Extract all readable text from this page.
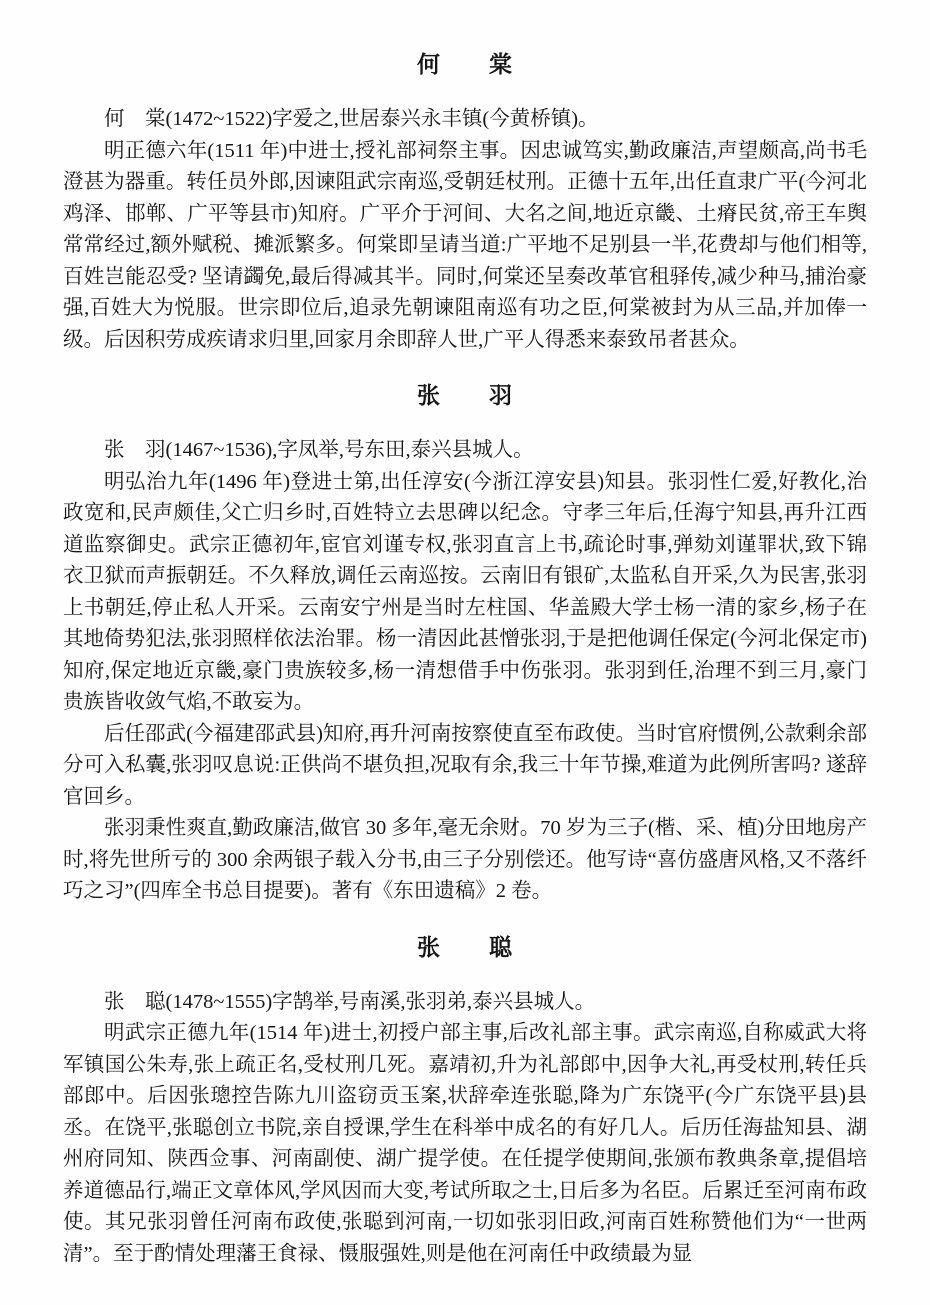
何　　棠

何　棠(1472~1522)字爱之,世居泰兴永丰镇(今黄桥镇)。

明正德六年(1511 年)中进士,授礼部祠祭主事。因忠诚笃实,勤政廉洁,声望颇高,尚书毛澄甚为器重。转任员外郎,因谏阻武宗南巡,受朝廷杖刑。正德十五年,出任直隶广平(今河北鸡泽、邯郸、广平等县市)知府。广平介于河间、大名之间,地近京畿、土瘠民贫,帝王车舆常常经过,额外赋税、摊派繁多。何棠即呈请当道:广平地不足别县一半,花费却与他们相等,百姓岂能忍受? 坚请蠲免,最后得减其半。同时,何棠还呈奏改革官租驿传,减少种马,捕治豪强,百姓大为悦服。世宗即位后,追录先朝谏阻南巡有功之臣,何棠被封为从三品,并加俸一级。后因积劳成疾请求归里,回家月余即辞人世,广平人得悉来泰致吊者甚众。

张　　羽

张　羽(1467~1536),字凤举,号东田,泰兴县城人。

明弘治九年(1496 年)登进士第,出任淳安(今浙江淳安县)知县。张羽性仁爱,好教化,治政宽和,民声颇佳,父亡归乡时,百姓特立去思碑以纪念。守孝三年后,任海宁知县,再升江西道监察御史。武宗正德初年,宦官刘谨专权,张羽直言上书,疏论时事,弹劾刘谨罪状,致下锦衣卫狱而声振朝廷。不久释放,调任云南巡按。云南旧有银矿,太监私自开采,久为民害,张羽上书朝廷,停止私人开采。云南安宁州是当时左柱国、华盖殿大学士杨一清的家乡,杨子在其地倚势犯法,张羽照样依法治罪。杨一清因此甚憎张羽,于是把他调任保定(今河北保定市)知府,保定地近京畿,豪门贵族较多,杨一清想借手中伤张羽。张羽到任,治理不到三月,豪门贵族皆收敛气焰,不敢妄为。

后任邵武(今福建邵武县)知府,再升河南按察使直至布政使。当时官府惯例,公款剩余部分可入私囊,张羽叹息说:正供尚不堪负担,况取有余,我三十年节操,难道为此例所害吗? 遂辞官回乡。

张羽秉性爽直,勤政廉洁,做官 30 多年,毫无余财。70 岁为三子(楷、采、植)分田地房产时,将先世所亏的 300 余两银子载入分书,由三子分别偿还。他写诗“喜仿盛唐风格,又不落纤巧之习”(四库全书总目提要)。著有《东田遗稿》2 卷。

张　　聪

张　聪(1478~1555)字鹄举,号南溪,张羽弟,泰兴县城人。

明武宗正德九年(1514 年)进士,初授户部主事,后改礼部主事。武宗南巡,自称威武大将军镇国公朱寿,张上疏正名,受杖刑几死。嘉靖初,升为礼部郎中,因争大礼,再受杖刑,转任兵部郎中。后因张璁控告陈九川盗窃贡玉案,状辞牵连张聪,降为广东饶平(今广东饶平县)县丞。在饶平,张聪创立书院,亲自授课,学生在科举中成名的有好几人。后历任海盐知县、湖州府同知、陕西佥事、河南副使、湖广提学使。在任提学使期间,张颁布教典条章,提倡培养道德品行,端正文章体风,学风因而大变,考试所取之士,日后多为名臣。后累迁至河南布政使。其兄张羽曾任河南布政使,张聪到河南,一切如张羽旧政,河南百姓称赞他们为“一世两清”。至于酌情处理藩王食禄、慑服强姓,则是他在河南任中政绩最为显
